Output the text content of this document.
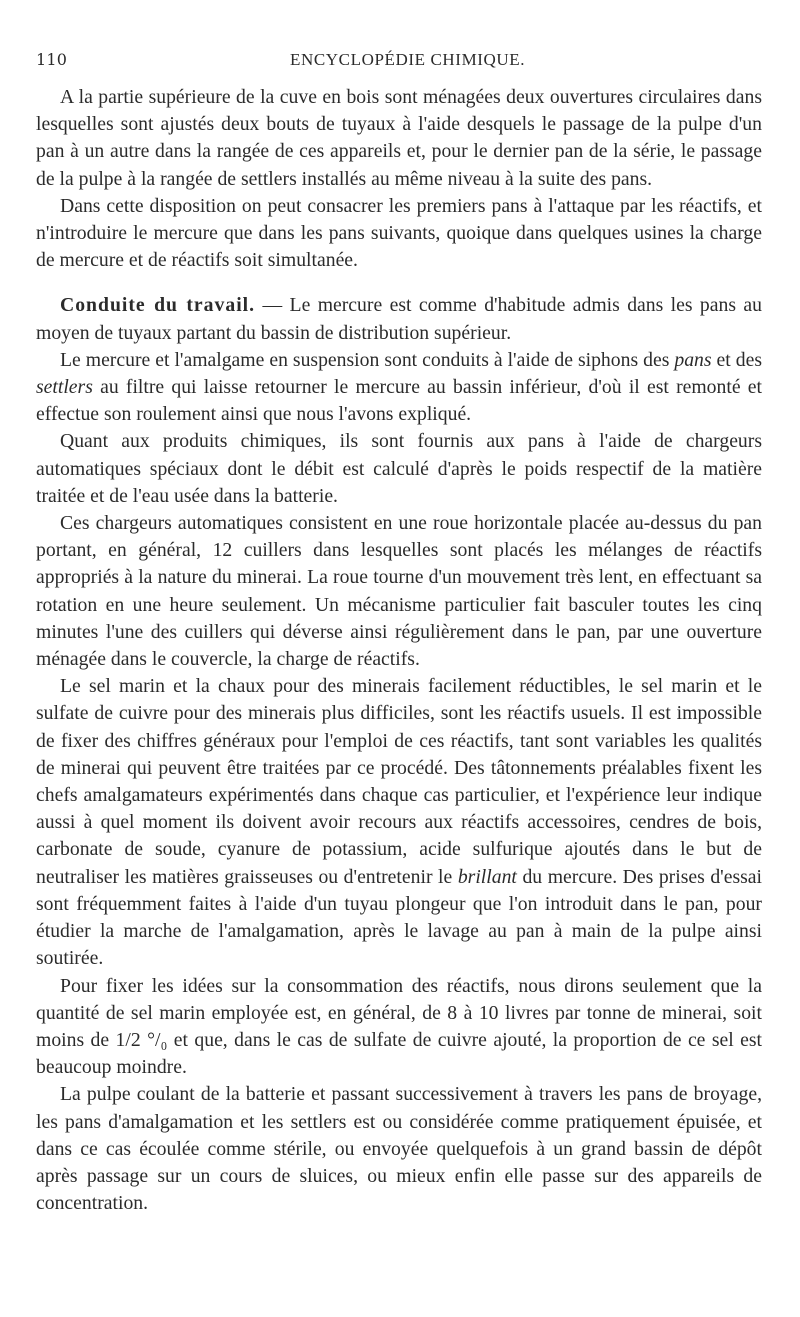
110	ENCYCLOPÉDIE CHIMIQUE.

A la partie supérieure de la cuve en bois sont ménagées deux ouvertures circulaires dans lesquelles sont ajustés deux bouts de tuyaux à l'aide desquels le passage de la pulpe d'un pan à un autre dans la rangée de ces appareils et, pour le dernier pan de la série, le passage de la pulpe à la rangée de settlers installés au même niveau à la suite des pans.

Dans cette disposition on peut consacrer les premiers pans à l'attaque par les réactifs, et n'introduire le mercure que dans les pans suivants, quoique dans quelques usines la charge de mercure et de réactifs soit simultanée.

Conduite du travail. — Le mercure est comme d'habitude admis dans les pans au moyen de tuyaux partant du bassin de distribution supérieur.

Le mercure et l'amalgame en suspension sont conduits à l'aide de siphons des pans et des settlers au filtre qui laisse retourner le mercure au bassin inférieur, d'où il est remonté et effectue son roulement ainsi que nous l'avons expliqué.

Quant aux produits chimiques, ils sont fournis aux pans à l'aide de chargeurs automatiques spéciaux dont le débit est calculé d'après le poids respectif de la matière traitée et de l'eau usée dans la batterie.

Ces chargeurs automatiques consistent en une roue horizontale placée au-dessus du pan portant, en général, 12 cuillers dans lesquelles sont placés les mélanges de réactifs appropriés à la nature du minerai. La roue tourne d'un mouvement très lent, en effectuant sa rotation en une heure seulement. Un mécanisme particulier fait basculer toutes les cinq minutes l'une des cuillers qui déverse ainsi régulièrement dans le pan, par une ouverture ménagée dans le couvercle, la charge de réactifs.

Le sel marin et la chaux pour des minerais facilement réductibles, le sel marin et le sulfate de cuivre pour des minerais plus difficiles, sont les réactifs usuels. Il est impossible de fixer des chiffres généraux pour l'emploi de ces réactifs, tant sont variables les qualités de minerai qui peuvent être traitées par ce procédé. Des tâtonnements préalables fixent les chefs amalgamateurs expérimentés dans chaque cas particulier, et l'expérience leur indique aussi à quel moment ils doivent avoir recours aux réactifs accessoires, cendres de bois, carbonate de soude, cyanure de potassium, acide sulfurique ajoutés dans le but de neutraliser les matières graisseuses ou d'entretenir le brillant du mercure. Des prises d'essai sont fréquemment faites à l'aide d'un tuyau plongeur que l'on introduit dans le pan, pour étudier la marche de l'amalgamation, après le lavage au pan à main de la pulpe ainsi soutirée.

Pour fixer les idées sur la consommation des réactifs, nous dirons seulement que la quantité de sel marin employée est, en général, de 8 à 10 livres par tonne de minerai, soit moins de 1/2 °/₀ et que, dans le cas de sulfate de cuivre ajouté, la proportion de ce sel est beaucoup moindre.

La pulpe coulant de la batterie et passant successivement à travers les pans de broyage, les pans d'amalgamation et les settlers est ou considérée comme pratiquement épuisée, et dans ce cas écoulée comme stérile, ou envoyée quelquefois à un grand bassin de dépôt après passage sur un cours de sluices, ou mieux enfin elle passe sur des appareils de concentration.
